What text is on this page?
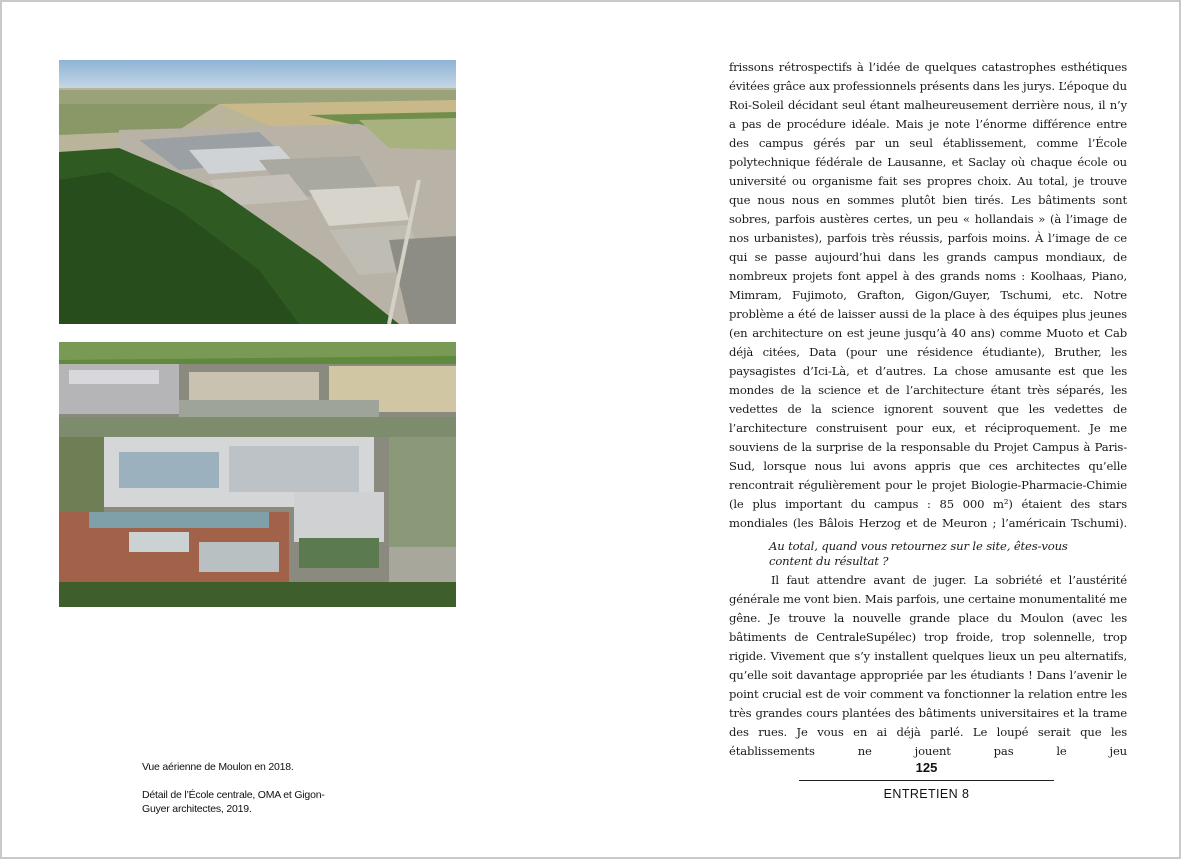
Vue aérienne de Moulon en 2018.

Détail de l’École centrale, OMA et Gigon-Guyer architectes, 2019.

frissons rétrospectifs à l’idée de quelques catastrophes esthétiques évitées grâce aux professionnels présents dans les jurys. L’époque du Roi-Soleil décidant seul étant malheureusement derrière nous, il n’y a pas de procédure idéale. Mais je note l’énorme différence entre des campus gérés par un seul établissement, comme l’École polytechnique fédérale de Lausanne, et Saclay où chaque école ou université ou organisme fait ses propres choix. Au total, je trouve que nous nous en sommes plutôt bien tirés. Les bâtiments sont sobres, parfois austères certes, un peu « hollandais » (à l’image de nos urbanistes), parfois très réussis, parfois moins. À l’image de ce qui se passe aujourd’hui dans les grands campus mondiaux, de nombreux projets font appel à des grands noms : Koolhaas, Piano, Mimram, Fujimoto, Grafton, Gigon/Guyer, Tschumi, etc. Notre problème a été de laisser aussi de la place à des équipes plus jeunes (en architecture on est jeune jusqu’à 40 ans) comme Muoto et Cab déjà citées, Data (pour une résidence étudiante), Bruther, les paysagistes d’Ici-Là, et d’autres. La chose amusante est que les mondes de la science et de l’architecture étant très séparés, les vedettes de la science ignorent souvent que les vedettes de l’architecture construisent pour eux, et réciproquement. Je me souviens de la surprise de la responsable du Projet Campus à Paris-Sud, lorsque nous lui avons appris que ces architectes qu’elle rencontrait régulièrement pour le projet Biologie-Pharmacie-Chimie (le plus important du campus : 85 000 m²) étaient des stars mondiales (les Bâlois Herzog et de Meuron ; l’américain Tschumi).

Au total, quand vous retournez sur le site, êtes-vous content du résultat ?

Il faut attendre avant de juger. La sobriété et l’austérité générale me vont bien. Mais parfois, une certaine monumentalité me gêne. Je trouve la nouvelle grande place du Moulon (avec les bâtiments de CentraleSupélec) trop froide, trop solennelle, trop rigide. Vivement que s’y installent quelques lieux un peu alternatifs, qu’elle soit davantage appropriée par les étudiants ! Dans l’avenir le point crucial est de voir comment va fonctionner la relation entre les très grandes cours plantées des bâtiments universitaires et la trame des rues. Je vous en ai déjà parlé. Le loupé serait que les établissements ne jouent pas le jeu

125
ENTRETIEN 8
